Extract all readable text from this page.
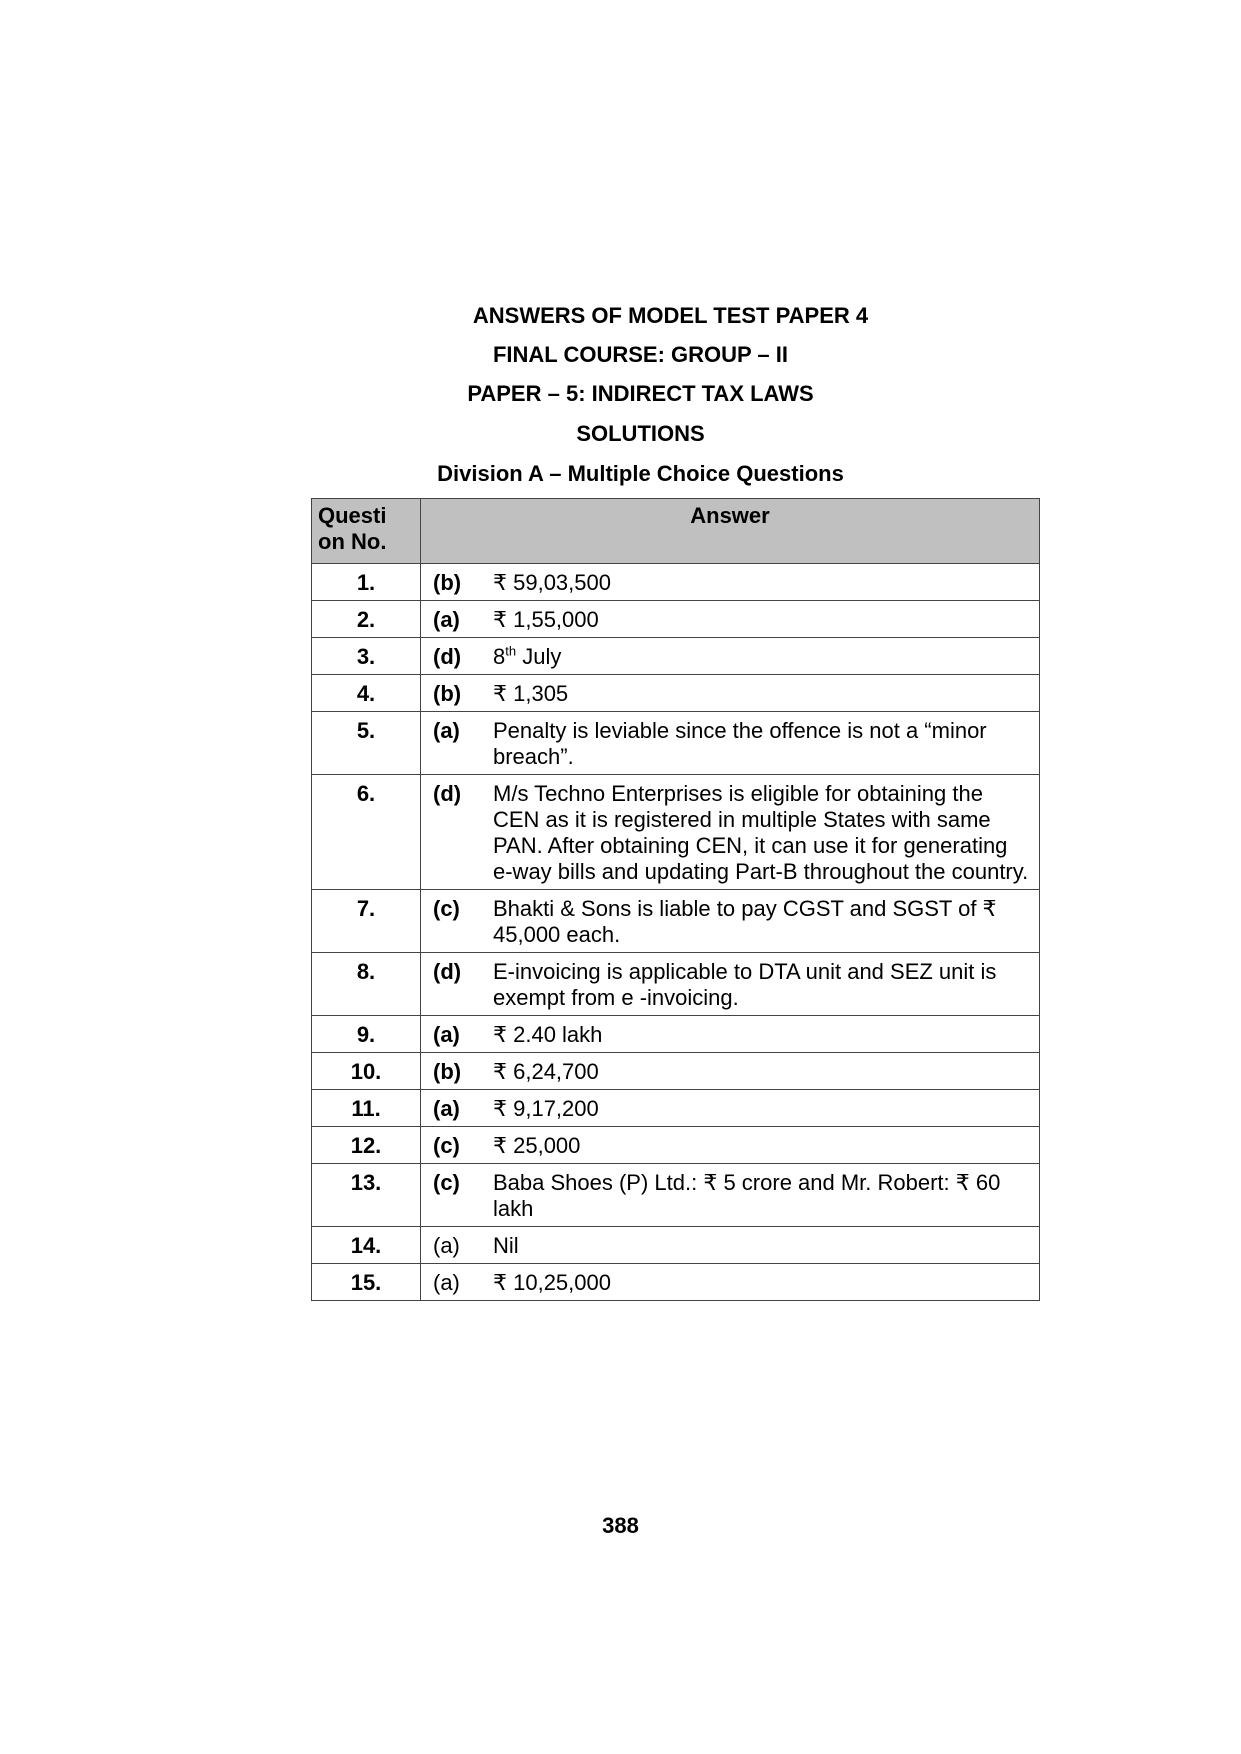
ANSWERS OF MODEL TEST PAPER 4

FINAL COURSE: GROUP – II

PAPER – 5: INDIRECT TAX LAWS

SOLUTIONS

Division A – Multiple Choice Questions

Questi on No.	Answer
1.	(b) ₹ 59,03,500

2.	(a) ₹ 1,55,000

3.	(d) 8th July

4.	(b) ₹ 1,305

5.	(a) Penalty is leviable since the offence is not a “minor breach”.

6.	(d) M/s Techno Enterprises is eligible for obtaining the CEN as it is registered in multiple States with same PAN. After obtaining CEN, it can use it for generating e-way bills and updating Part-B throughout the country.

7.	(c) Bhakti & Sons is liable to pay CGST and SGST of ₹ 45,000 each.

8.	(d) E-invoicing is applicable to DTA unit and SEZ unit is exempt from e -invoicing.

9.	(a) ₹ 2.40 lakh

10.	(b) ₹ 6,24,700

11.	(a) ₹ 9,17,200

12.	(c) ₹ 25,000

13.	(c) Baba Shoes (P) Ltd.: ₹ 5 crore and Mr. Robert: ₹ 60 lakh

14.	(a) Nil

15.	(a) ₹ 10,25,000
388
